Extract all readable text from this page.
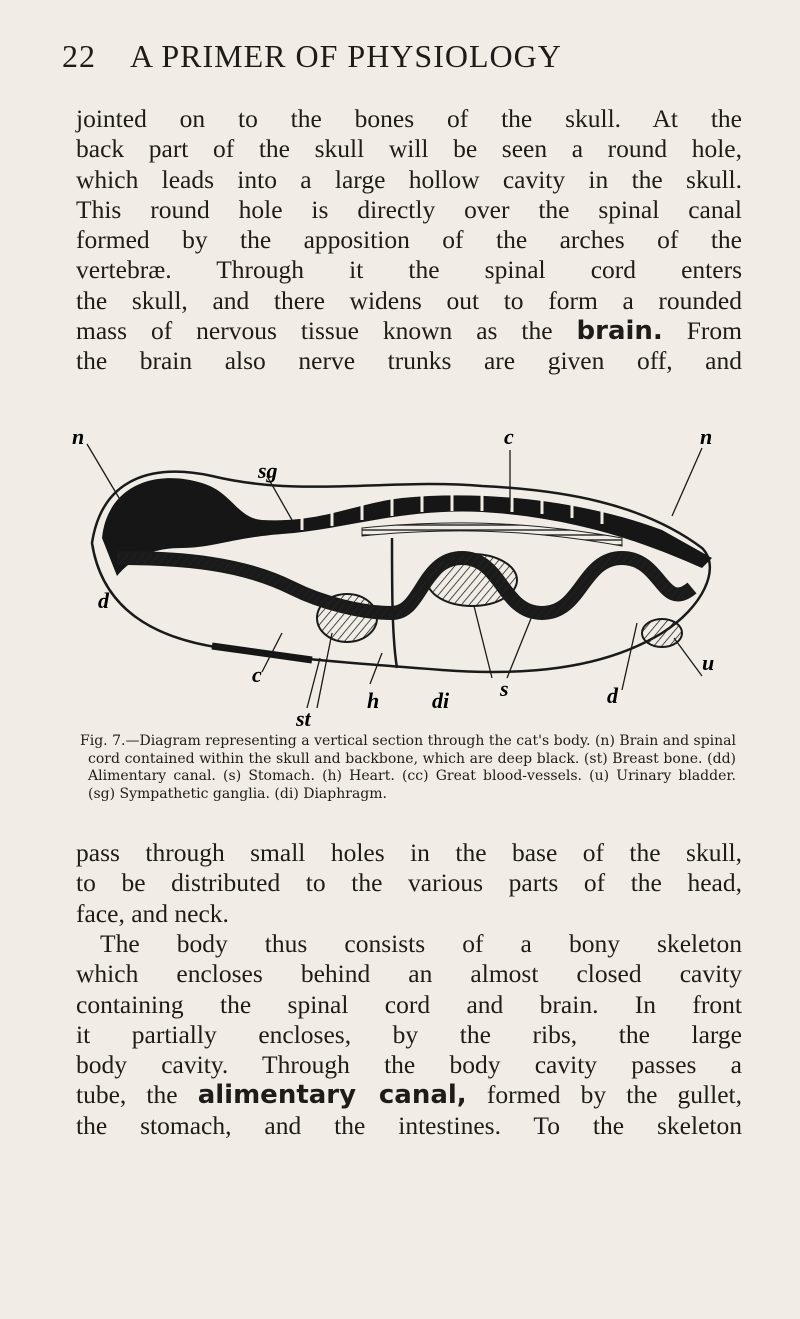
22 A PRIMER OF PHYSIOLOGY

jointed on to the bones of the skull. At the

back part of the skull will be seen a round hole,

which leads into a large hollow cavity in the skull.

This round hole is directly over the spinal canal

formed by the apposition of the arches of the

vertebræ. Through it the spinal cord enters

the skull, and there widens out to form a rounded

mass of nervous tissue known as the brain. From

the brain also nerve trunks are given off, and

n	c	n
sg
d
c
st
h di s	d
u
Fig. 7.—Diagram representing a vertical section through the cat's body. (n) Brain and spinal cord contained within the skull and backbone, which are deep black. (st) Breast bone. (dd) Alimentary canal. (s) Stomach. (h) Heart. (cc) Great blood-vessels. (u) Urinary bladder. (sg) Sympathetic ganglia. (di) Diaphragm.

pass through small holes in the base of the skull,

to be distributed to the various parts of the head,

face, and neck.

The body thus consists of a bony skeleton

which encloses behind an almost closed cavity

containing the spinal cord and brain. In front

it partially encloses, by the ribs, the large

body cavity. Through the body cavity passes a

tube, the alimentary canal, formed by the gullet,

the stomach, and the intestines. To the skeleton
